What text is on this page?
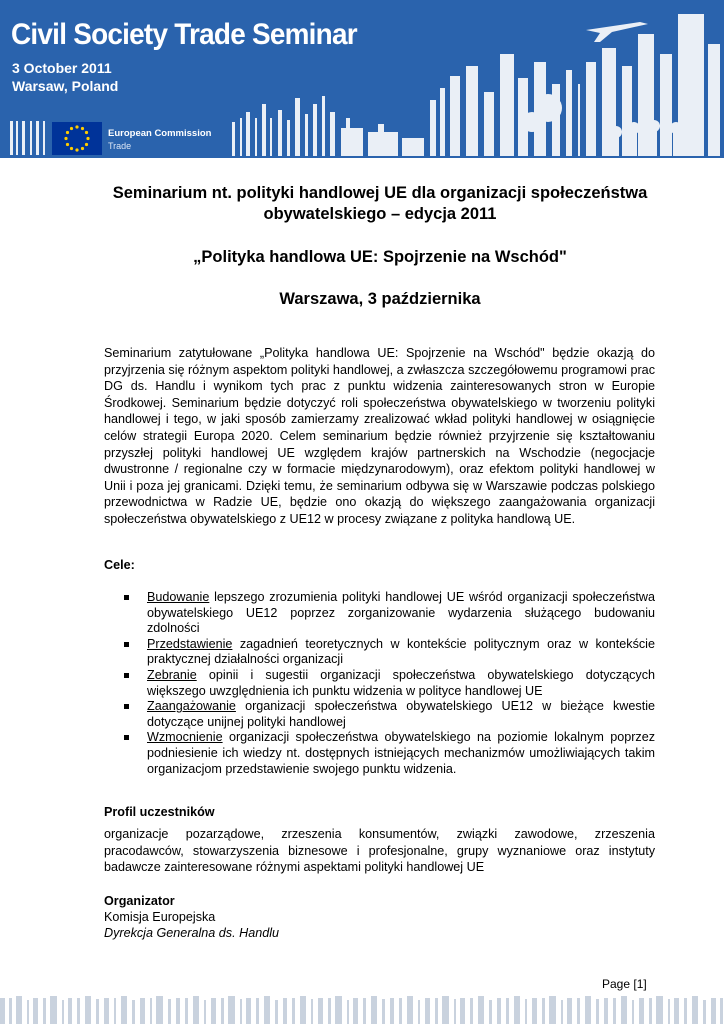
Civil Society Trade Seminar
3 October 2011
Warsaw, Poland
European Commission
Trade
Seminarium nt. polityki handlowej UE dla organizacji społeczeństwa obywatelskiego – edycja 2011
„Polityka handlowa UE: Spojrzenie na Wschód"
Warszawa, 3 października
Seminarium zatytułowane „Polityka handlowa UE: Spojrzenie na Wschód" będzie okazją do przyjrzenia się różnym aspektom polityki handlowej, a zwłaszcza szczegółowemu programowi prac DG ds. Handlu i wynikom tych prac z punktu widzenia zainteresowanych stron w Europie Środkowej. Seminarium będzie dotyczyć roli społeczeństwa obywatelskiego w tworzeniu polityki handlowej i tego, w jaki sposób zamierzamy zrealizować wkład polityki handlowej w osiągnięcie celów strategii Europa 2020. Celem seminarium będzie również przyjrzenie się kształtowaniu przyszłej polityki handlowej UE względem krajów partnerskich na Wschodzie (negocjacje dwustronne / regionalne czy w formacie międzynarodowym), oraz efektom polityki handlowej w Unii i poza jej granicami. Dzięki temu, że seminarium odbywa się w Warszawie podczas polskiego przewodnictwa w Radzie UE, będzie ono okazją do większego zaangażowania organizacji społeczeństwa obywatelskiego z UE12 w procesy związane z polityka handlową UE.
Cele:
Budowanie lepszego zrozumienia polityki handlowej UE wśród organizacji społeczeństwa obywatelskiego UE12 poprzez zorganizowanie wydarzenia służącego budowaniu zdolności
Przedstawienie zagadnień teoretycznych w kontekście politycznym oraz w kontekście praktycznej działalności organizacji
Zebranie opinii i sugestii organizacji społeczeństwa obywatelskiego dotyczących większego uwzględnienia ich punktu widzenia w polityce handlowej UE
Zaangażowanie organizacji społeczeństwa obywatelskiego UE12 w bieżące kwestie dotyczące unijnej polityki handlowej
Wzmocnienie organizacji społeczeństwa obywatelskiego na poziomie lokalnym poprzez podniesienie ich wiedzy nt. dostępnych istniejących mechanizmów umożliwiających takim organizacjom przedstawienie swojego punktu widzenia.
Profil uczestników
organizacje pozarządowe, zrzeszenia konsumentów, związki zawodowe, zrzeszenia pracodawców, stowarzyszenia biznesowe i profesjonalne, grupy wyznaniowe oraz instytuty badawcze zainteresowane różnymi aspektami polityki handlowej UE
Organizator
Komisja Europejska
Dyrekcja Generalna ds. Handlu
Page [1]
